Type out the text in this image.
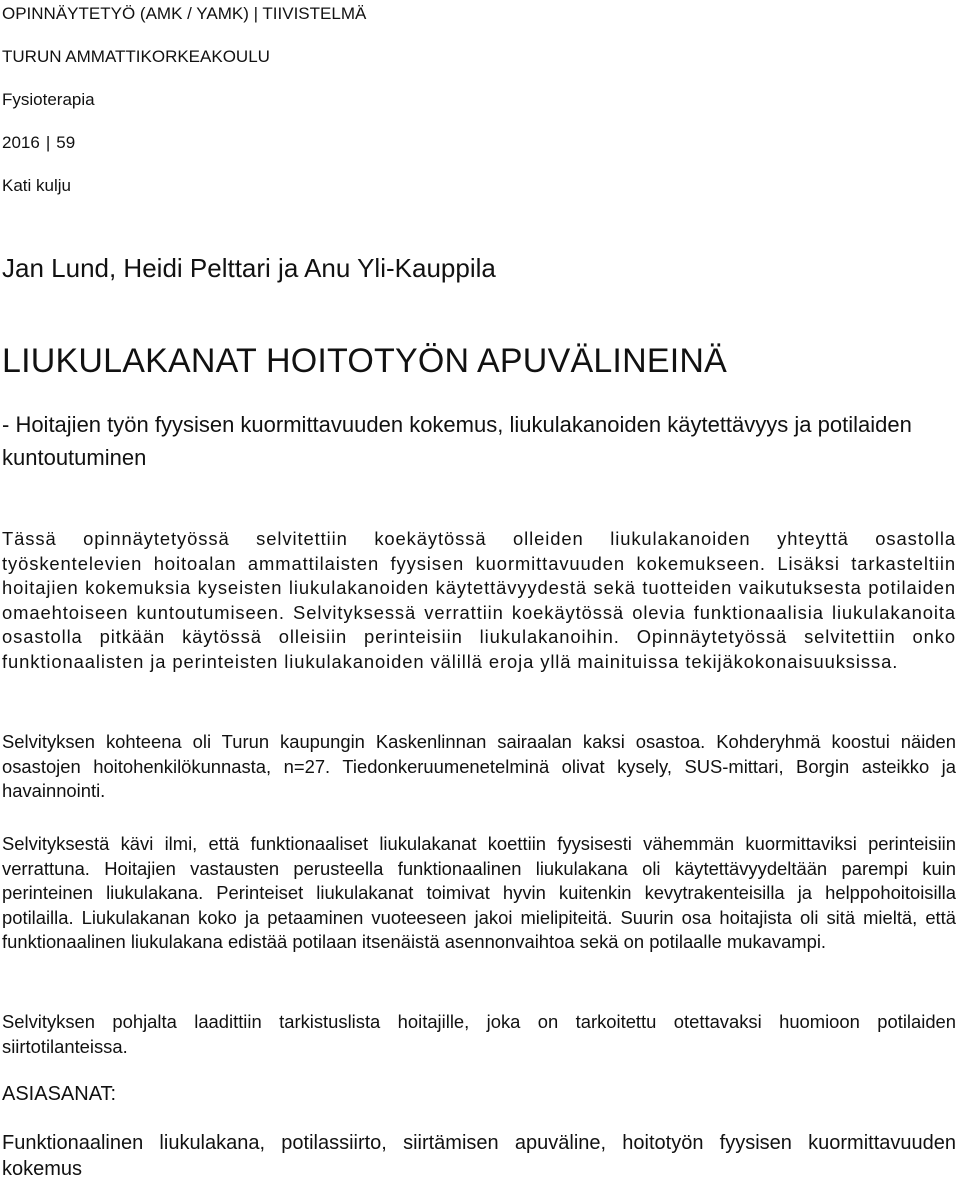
OPINNÄYTETYÖ (AMK / YAMK) | TIIVISTELMÄ
TURUN AMMATTIKORKEAKOULU
Fysioterapia
2016 | 59
Kati kulju
Jan Lund, Heidi Pelttari ja Anu Yli-Kauppila
LIUKULAKANAT HOITOTYÖN APUVÄLINEINÄ
- Hoitajien työn fyysisen kuormittavuuden kokemus, liukulakanoiden käytettävyys ja potilaiden kuntoutuminen
Tässä opinnäytetyössä selvitettiin koekäytössä olleiden liukulakanoiden yhteyttä osastolla työskentelevien hoitoalan ammattilaisten fyysisen kuormittavuuden kokemukseen. Lisäksi tarkasteltiin hoitajien kokemuksia kyseisten liukulakanoiden käytettävyydestä sekä tuotteiden vaikutuksesta potilaiden omaehtoiseen kuntoutumiseen. Selvityksessä verrattiin koekäytössä olevia funktionaalisia liukulakanoita osastolla pitkään käytössä olleisiin perinteisiin liukulakanoihin. Opinnäytetyössä selvitettiin onko funktionaalisten ja perinteisten liukulakanoiden välillä eroja yllä mainituissa tekijäkokonaisuuksissa.
Selvityksen kohteena oli Turun kaupungin Kaskenlinnan sairaalan kaksi osastoa. Kohderyhmä koostui näiden osastojen hoitohenkilökunnasta, n=27. Tiedonkeruumenetelminä olivat kysely, SUS-mittari, Borgin asteikko ja havainnointi.
Selvityksestä kävi ilmi, että funktionaaliset liukulakanat koettiin fyysisesti vähemmän kuormittaviksi perinteisiin verrattuna. Hoitajien vastausten perusteella funktionaalinen liukulakana oli käytettävyydeltään parempi kuin perinteinen liukulakana. Perinteiset liukulakanat toimivat hyvin kuitenkin kevytrakenteisilla ja helppohoitoisilla potilailla. Liukulakanan koko ja petaaminen vuoteeseen jakoi mielipiteitä. Suurin osa hoitajista oli sitä mieltä, että funktionaalinen liukulakana edistää potilaan itsenäistä asennonvaihtoa sekä on potilaalle mukavampi.
Selvityksen pohjalta laadittiin tarkistuslista hoitajille, joka on tarkoitettu otettavaksi huomioon potilaiden siirtotilanteissa.
ASIASANAT:
Funktionaalinen liukulakana, potilassiirto, siirtämisen apuväline, hoitotyön fyysisen kuormittavuuden kokemus
